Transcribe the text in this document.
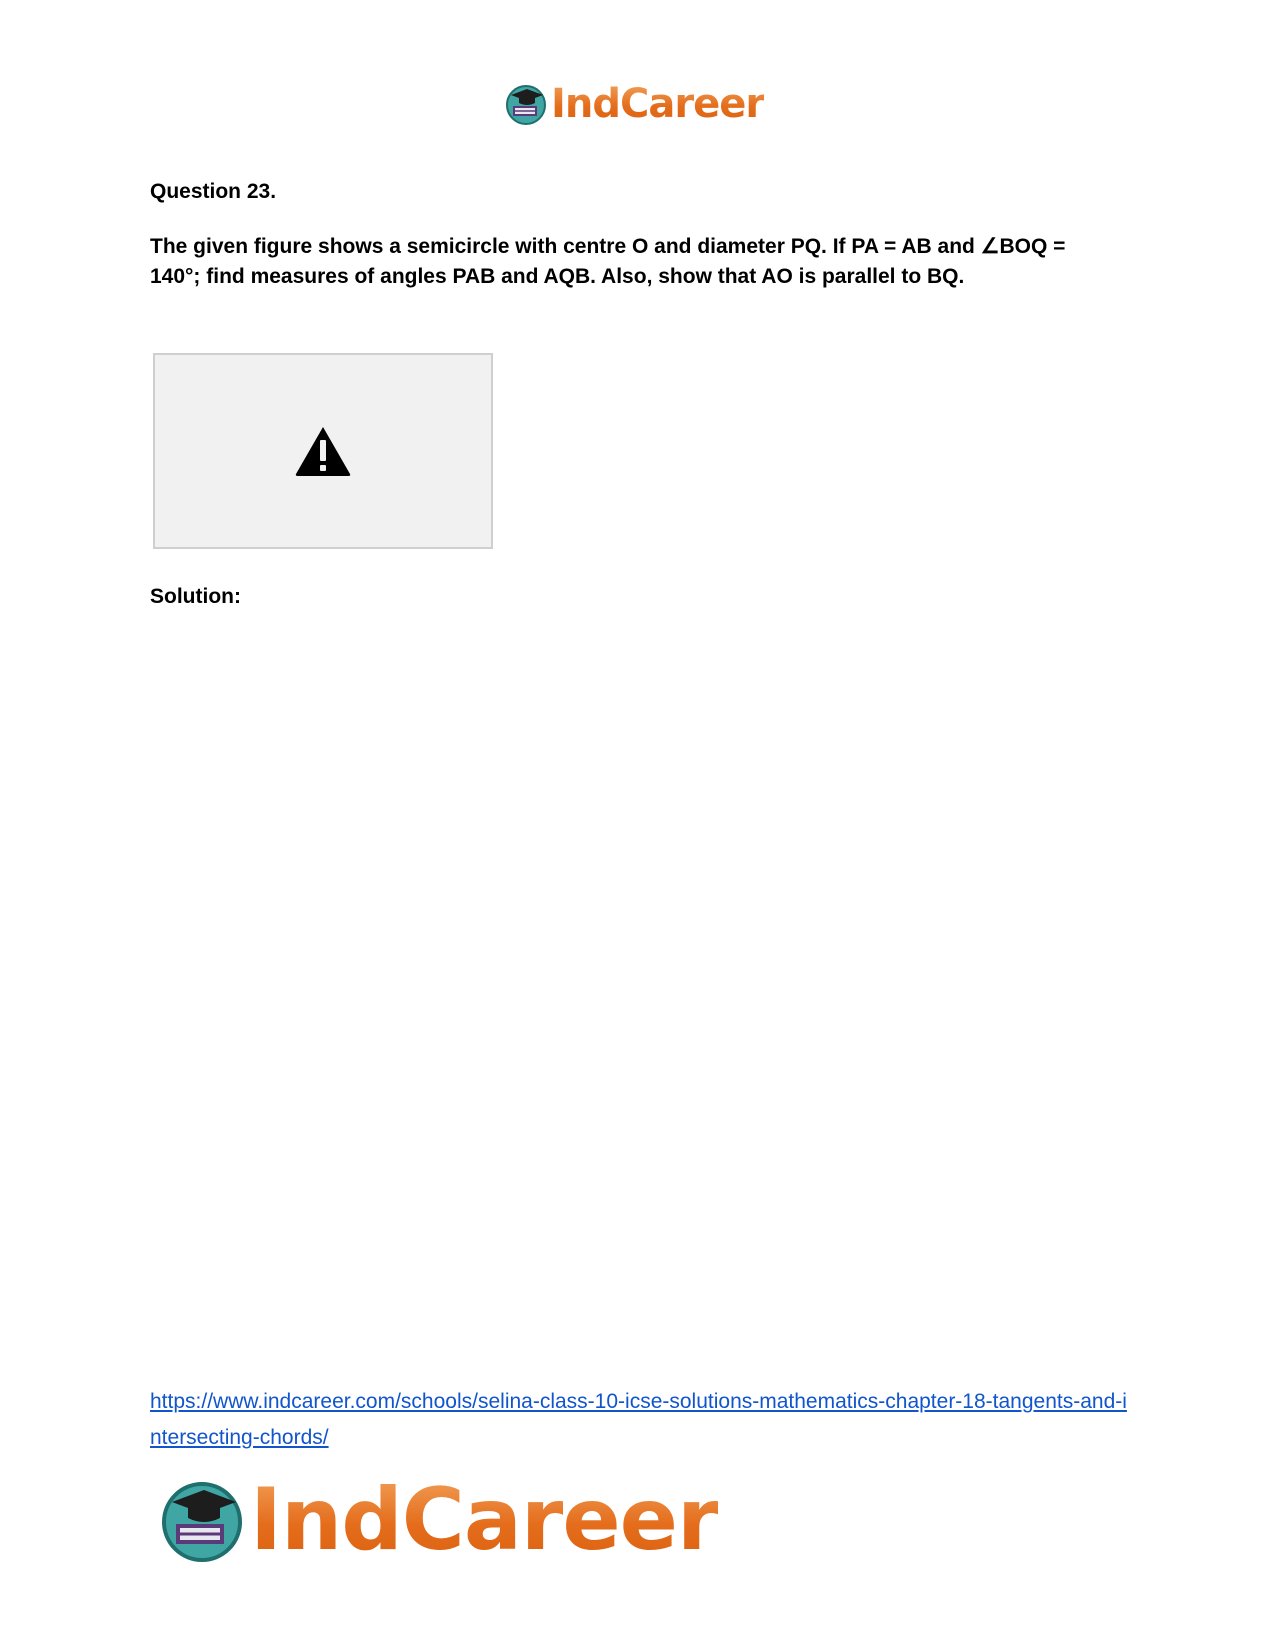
IndCareer
Question 23.
The given figure shows a semicircle with centre O and diameter PQ. If PA = AB and ∠BOQ = 140°; find measures of angles PAB and AQB. Also, show that AO is parallel to BQ.
Solution:
https://www.indcareer.com/schools/selina-class-10-icse-solutions-mathematics-chapter-18-tangents-and-intersecting-chords/
IndCareer
